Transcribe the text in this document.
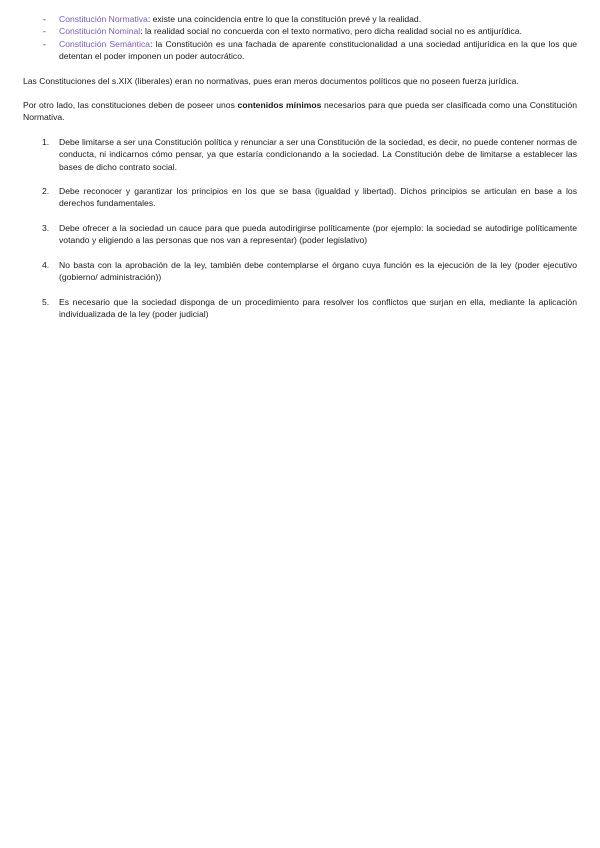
- Constitución Normativa: existe una coincidencia entre lo que la constitución prevé y la realidad.
- Constitución Nominal: la realidad social no concuerda con el texto normativo, pero dicha realidad social no es antijurídica.
- Constitución Semántica: la Constitución es una fachada de aparente constitucionalidad a una sociedad antijurídica en la que los que detentan el poder imponen un poder autocrático.

Las Constituciones del s.XIX (liberales) eran no normativas, pues eran meros documentos políticos que no poseen fuerza jurídica.

Por otro lado, las constituciones deben de poseer unos contenidos mínimos necesarios para que pueda ser clasificada como una Constitución Normativa.

1. Debe limitarse a ser una Constitución política y renunciar a ser una Constitución de la sociedad, es decir, no puede contener normas de conducta, ni indicarnos cómo pensar, ya que estaría condicionando a la sociedad. La Constitución debe de limitarse a establecer las bases de dicho contrato social.
2. Debe reconocer y garantizar los principios en los que se basa (igualdad y libertad). Dichos principios se articulan en base a los derechos fundamentales.
3. Debe ofrecer a la sociedad un cauce para que pueda autodirigirse políticamente (por ejemplo: la sociedad se autodirige políticamente votando y eligiendo a las personas que nos van a representar) (poder legislativo)
4. No basta con la aprobación de la ley, también debe contemplarse el órgano cuya función es la ejecución de la ley (poder ejecutivo (gobierno/ administración))
5. Es necesario que la sociedad disponga de un procedimiento para resolver los conflictos que surjan en ella, mediante la aplicación individualizada de la ley (poder judicial)
